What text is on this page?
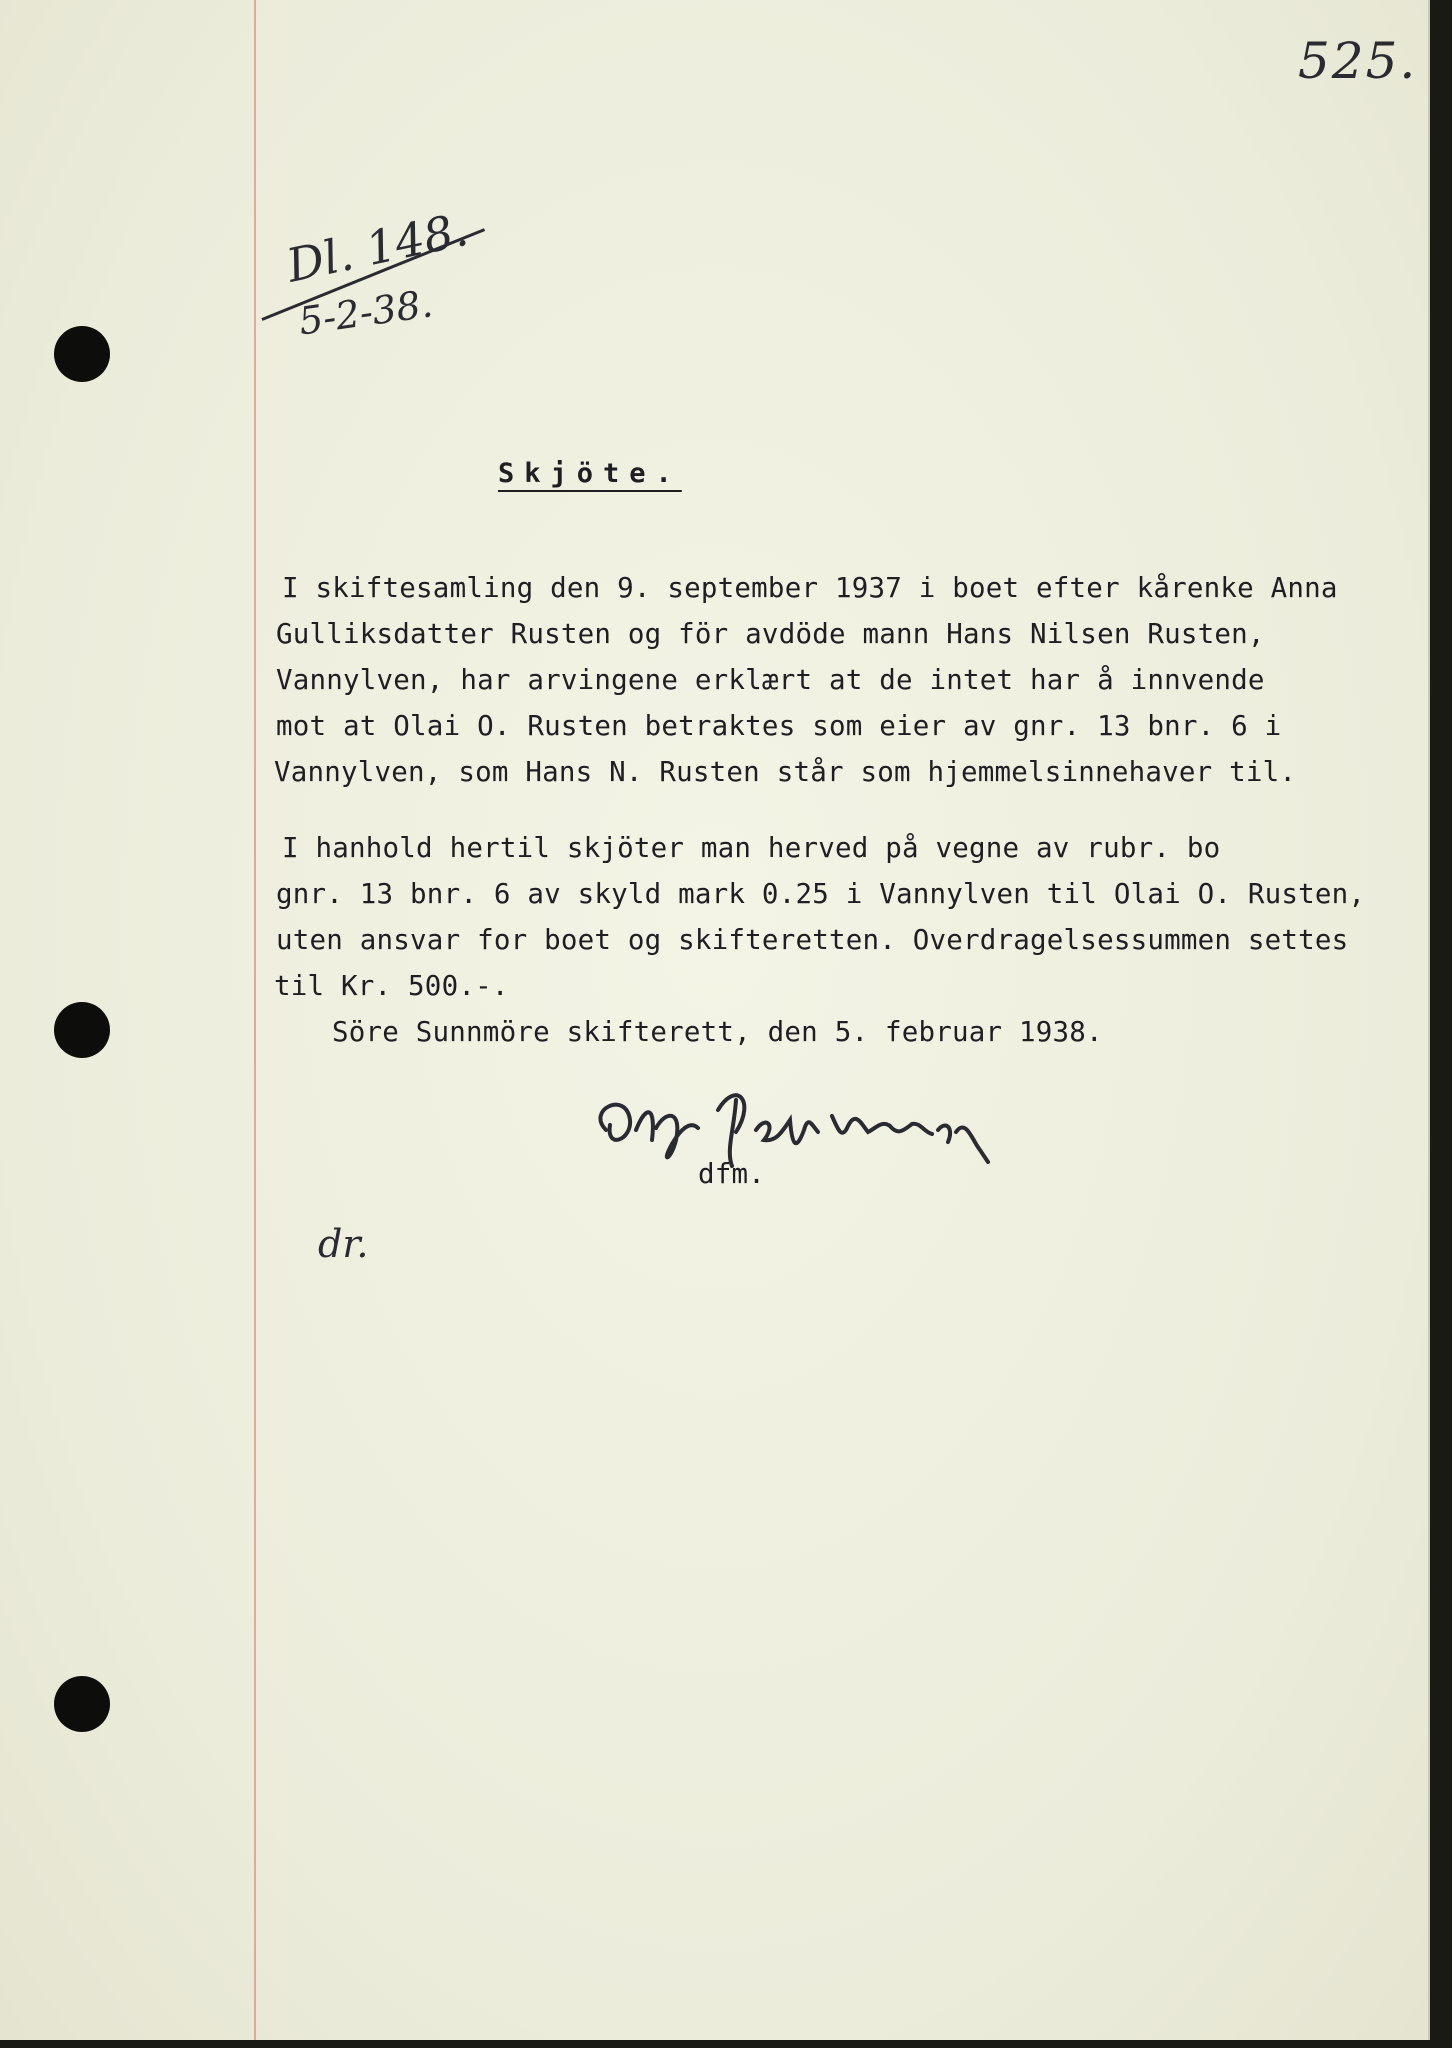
525.
Dl. 148.
5-2-38.
Skjöte.
I skiftesamling den 9. september 1937 i boet efter kårenke Anna
Gulliksdatter Rusten og för avdöde mann Hans Nilsen Rusten,
Vannylven, har arvingene erklært at de intet har å innvende
mot at Olai O. Rusten betraktes som eier av gnr. 13 bnr. 6 i
Vannylven, som Hans N. Rusten står som hjemmelsinnehaver til.
I hanhold hertil skjöter man herved på vegne av rubr. bo
gnr. 13 bnr. 6 av skyld mark 0.25 i Vannylven til Olai O. Rusten,
uten ansvar for boet og skifteretten. Overdragelsessummen settes
til Kr. 500.-.
Söre Sunnmöre skifterett, den 5. februar 1938.
dfm.
dr.
